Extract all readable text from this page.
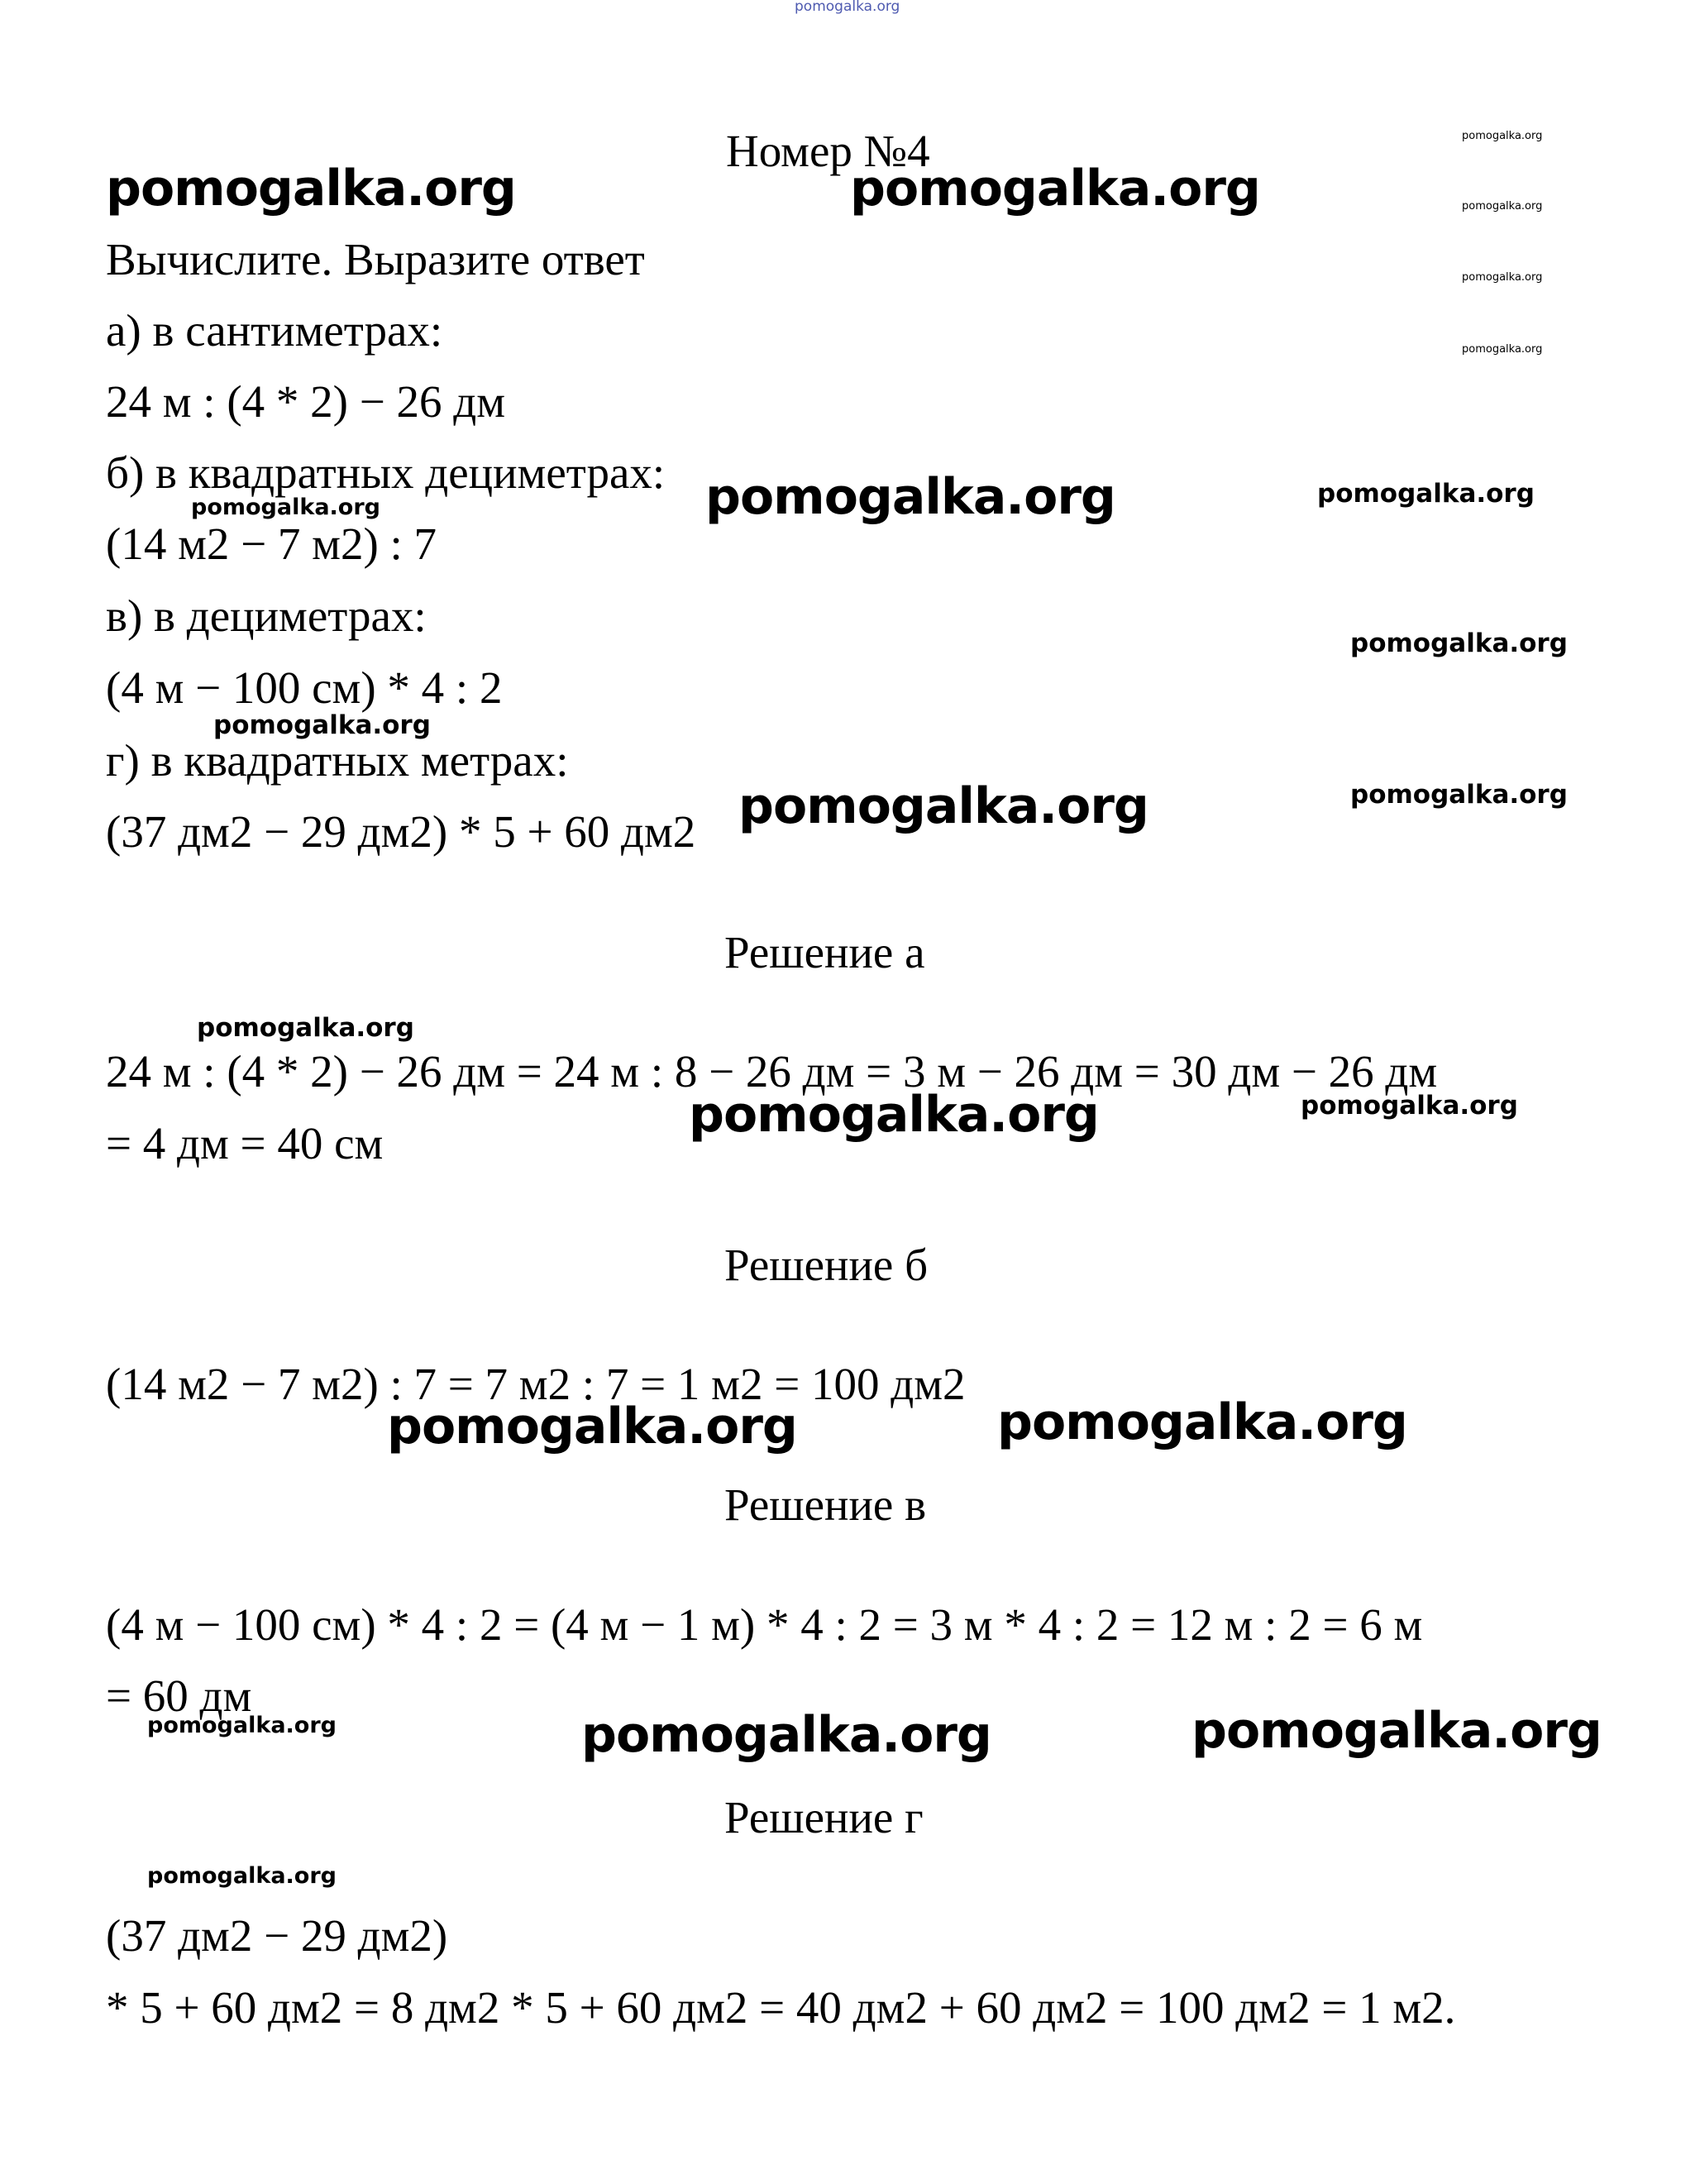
pomogalka.org
Номер №4
Вычислите. Выразите ответ
а) в сантиметрах:
24 м : (4 * 2) − 26 дм
б) в квадратных дециметрах:
(14 м2 − 7 м2) : 7
в) в дециметрах:
(4 м − 100 см) * 4 : 2
г) в квадратных метрах:
(37 дм2 − 29 дм2) * 5 + 60 дм2
Решение а
24 м : (4 * 2) − 26 дм = 24 м : 8 − 26 дм = 3 м − 26 дм = 30 дм − 26 дм
= 4 дм = 40 см
Решение б
(14 м2 − 7 м2) : 7 = 7 м2 : 7 = 1 м2 = 100 дм2
Решение в
(4 м − 100 см) * 4 : 2 = (4 м − 1 м) * 4 : 2 = 3 м * 4 : 2 = 12 м : 2 = 6 м
= 60 дм
Решение г
(37 дм2 − 29 дм2)
* 5 + 60 дм2 = 8 дм2 * 5 + 60 дм2 = 40 дм2 + 60 дм2 = 100 дм2 = 1 м2.
pomogalka.org	pomogalka.org
pomogalka.org
pomogalka.org
pomogalka.org
pomogalka.org	pomogalka.org
pomogalka.org	pomogalka.org
pomogalka.org
pomogalka.org
pomogalka.org
pomogalka.org
pomogalka.org
pomogalka.org
pomogalka.org
pomogalka.org
pomogalka.org
pomogalka.org
pomogalka.org
pomogalka.org
pomogalka.org
